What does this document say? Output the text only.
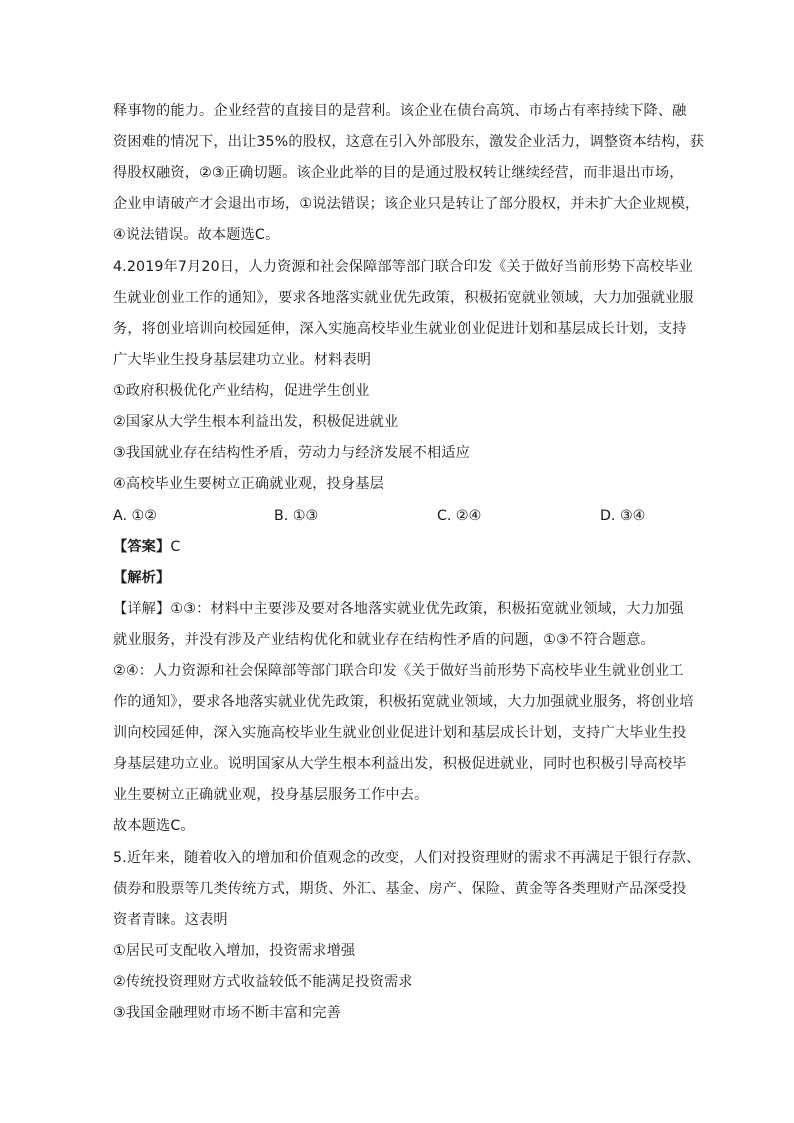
释事物的能力。企业经营的直接目的是营利。该企业在债台高筑、市场占有率持续下降、融
资困难的情况下，出让35%的股权，这意在引入外部股东，激发企业活力，调整资本结构，获
得股权融资，②③正确切题。该企业此举的目的是通过股权转让继续经营，而非退出市场，
企业申请破产才会退出市场，①说法错误；该企业只是转让了部分股权，并未扩大企业规模，
④说法错误。故本题选C。
4.2019年7月20日，人力资源和社会保障部等部门联合印发《关于做好当前形势下高校毕业
生就业创业工作的通知》，要求各地落实就业优先政策，积极拓宽就业领域，大力加强就业服
务，将创业培训向校园延伸，深入实施高校毕业生就业创业促进计划和基层成长计划，支持
广大毕业生投身基层建功立业。材料表明
①政府积极优化产业结构，促进学生创业
②国家从大学生根本利益出发，积极促进就业
③我国就业存在结构性矛盾，劳动力与经济发展不相适应
④高校毕业生要树立正确就业观，投身基层
A. ①②	B. ①③	C. ②④	D. ③④
【答案】C
【解析】
【详解】①③：材料中主要涉及要对各地落实就业优先政策，积极拓宽就业领域，大力加强
就业服务，并没有涉及产业结构优化和就业存在结构性矛盾的问题，①③不符合题意。
②④：人力资源和社会保障部等部门联合印发《关于做好当前形势下高校毕业生就业创业工
作的通知》，要求各地落实就业优先政策，积极拓宽就业领域，大力加强就业服务，将创业培
训向校园延伸，深入实施高校毕业生就业创业促进计划和基层成长计划，支持广大毕业生投
身基层建功立业。说明国家从大学生根本利益出发，积极促进就业，同时也积极引导高校毕
业生要树立正确就业观，投身基层服务工作中去。
故本题选C。
5.近年来，随着收入的增加和价值观念的改变，人们对投资理财的需求不再满足于银行存款、
债券和股票等几类传统方式，期货、外汇、基金、房产、保险、黄金等各类理财产品深受投
资者青睐。这表明
①居民可支配收入增加，投资需求增强
②传统投资理财方式收益较低不能满足投资需求
③我国金融理财市场不断丰富和完善
